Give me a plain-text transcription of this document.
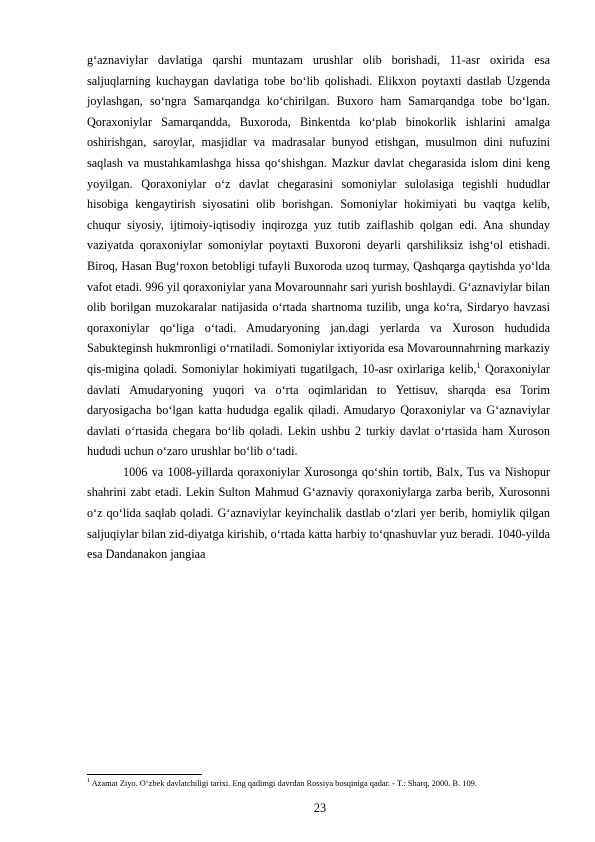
g‘aznaviylar davlatiga qarshi muntazam urushlar olib borishadi, 11-asr oxirida esa saljuqlarning kuchaygan davlatiga tobe bo‘lib qolishadi. Elikxon poytaxti dastlab Uzgenda joylashgan, so‘ngra Samarqandga ko‘chirilgan. Buxoro ham Samarqandga tobe bo‘lgan. Qoraxoniylar Samarqandda, Buxoroda, Binkentda ko‘plab binokorlik ishlarini amalga oshirishgan, saroylar, masjidlar va madrasalar bunyod etishgan, musulmon dini nufuzini saqlash va mustahkamlashga hissa qo‘shishgan. Mazkur davlat chegarasida islom dini keng yoyilgan. Qoraxoniylar o‘z davlat chegarasini somoniylar sulolasiga tegishli hududlar hisobiga kengaytirish siyosatini olib borishgan. Somoniylar hokimiyati bu vaqtga kelib, chuqur siyosiy, ijtimoiy-iqtisodiy inqirozga yuz tutib zaiflashib qolgan edi. Ana shunday vaziyatda qoraxoniylar somoniylar poytaxti Buxoroni deyarli qarshiliksiz ishg‘ol etishadi. Biroq, Hasan Bug‘roxon betobligi tufayli Buxoroda uzoq turmay, Qashqarga qaytishda yo‘lda vafot etadi. 996 yil qoraxoniylar yana Movarounnahr sari yurish boshlaydi. G‘aznaviylar bilan olib borilgan muzokaralar natijasida o‘rtada shartnoma tuzilib, unga ko‘ra, Sirdaryo havzasi qoraxoniylar qo‘liga o‘tadi. Amudaryoning jan.dagi yerlarda va Xuroson hududida Sabukteginsh hukmronligi o‘rnatiladi. Somoniylar ixtiyorida esa Movarounnahrning markaziy qis-migina qoladi. Somoniylar hokimiyati tugatilgach, 10-asr oxirlariga kelib,$^1$ Qoraxoniylar davlati Amudaryoning yuqori va o‘rta oqimlaridan to Yettisuv, sharqda esa Torim daryosigacha bo‘lgan katta hududga egalik qiladi. Amudaryo Qoraxoniylar va G‘aznaviylar davlati o‘rtasida chegara bo‘lib qoladi. Lekin ushbu 2 turkiy davlat o‘rtasida ham Xuroson hududi uchun o‘zaro urushlar bo‘lib o‘tadi.

1006 va 1008-yillarda qoraxoniylar Xurosonga qo‘shin tortib, Balx, Tus va Nishopur shahrini zabt etadi. Lekin Sulton Mahmud G‘aznaviy qoraxoniylarga zarba berib, Xurosonni o‘z qo‘lida saqlab qoladi. G‘aznaviylar keyinchalik dastlab o‘zlari yer berib, homiylik qilgan saljuqiylar bilan zid-diyatga kirishib, o‘rtada katta harbiy to‘qnashuvlar yuz beradi. 1040-yilda esa Dandanakon jangiaa

$^1$ Azamat Ziyo. O‘zbek davlatchiligi tarixi. Eng qadimgi davrdan Rossiya bosqiniga qadar. - T.: Sharq, 2000. B. 109.
23
